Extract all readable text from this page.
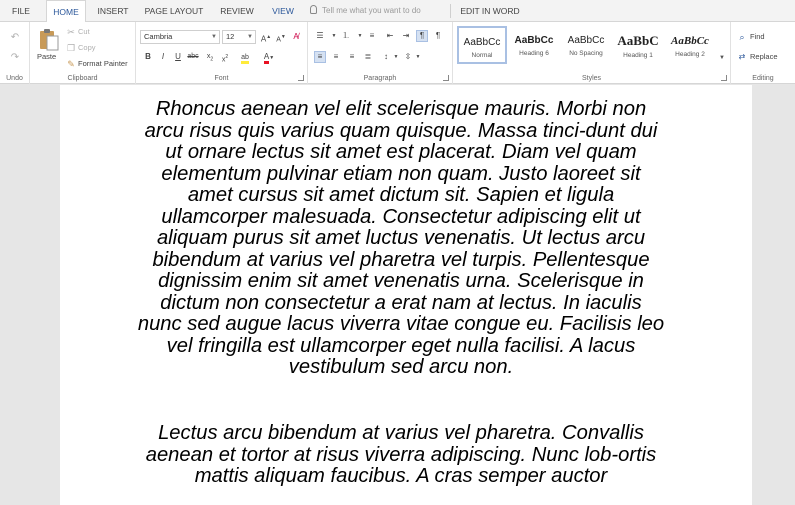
FILE	HOME	INSERT	PAGE LAYOUT	REVIEW	VIEW	Tell me what you want to do	EDIT IN WORD
↶
↷
Undo
Paste
✂ Cut
❐ Copy
✎ Format Painter
Clipboard
Cambria	▼	12 ▼ A▲ A▼ A̸
B	I	U abc	$x_2$	$x^2$	ab	A▼
Font
☰	▼ ⒈	▼ ≡	⇤	⇥	¶	¶
≡	≡	≡	≣	↕	▼ ⇳ ▼
Paragraph
AaBbCc
Normal
AaBbCc
Heading 6
AaBbCc
No Spacing
AaBbC
Heading 1
AaBbCc
Heading 2	▼
Styles
⌕ Find
⇄ Replace
Editing
Rhoncus aenean vel elit scelerisque mauris. Morbi non arcu risus quis varius quam quisque. Massa tinci-dunt dui ut ornare lectus sit amet est placerat. Diam vel quam elementum pulvinar etiam non quam. Justo laoreet sit amet cursus sit amet dictum sit. Sapien et ligula ullamcorper malesuada. Consectetur adipiscing elit ut aliquam purus sit amet luctus venenatis. Ut lectus arcu bibendum at varius vel pharetra vel turpis. Pellentesque dignissim enim sit amet venenatis urna. Scelerisque in dictum non consectetur a erat nam at lectus. In iaculis nunc sed augue lacus viverra vitae congue eu. Facilisis leo vel fringilla est ullamcorper eget nulla facilisi. A lacus vestibulum sed arcu non.
Lectus arcu bibendum at varius vel pharetra. Convallis aenean et tortor at risus viverra adipiscing. Nunc lob-ortis mattis aliquam faucibus. A cras semper auctor
